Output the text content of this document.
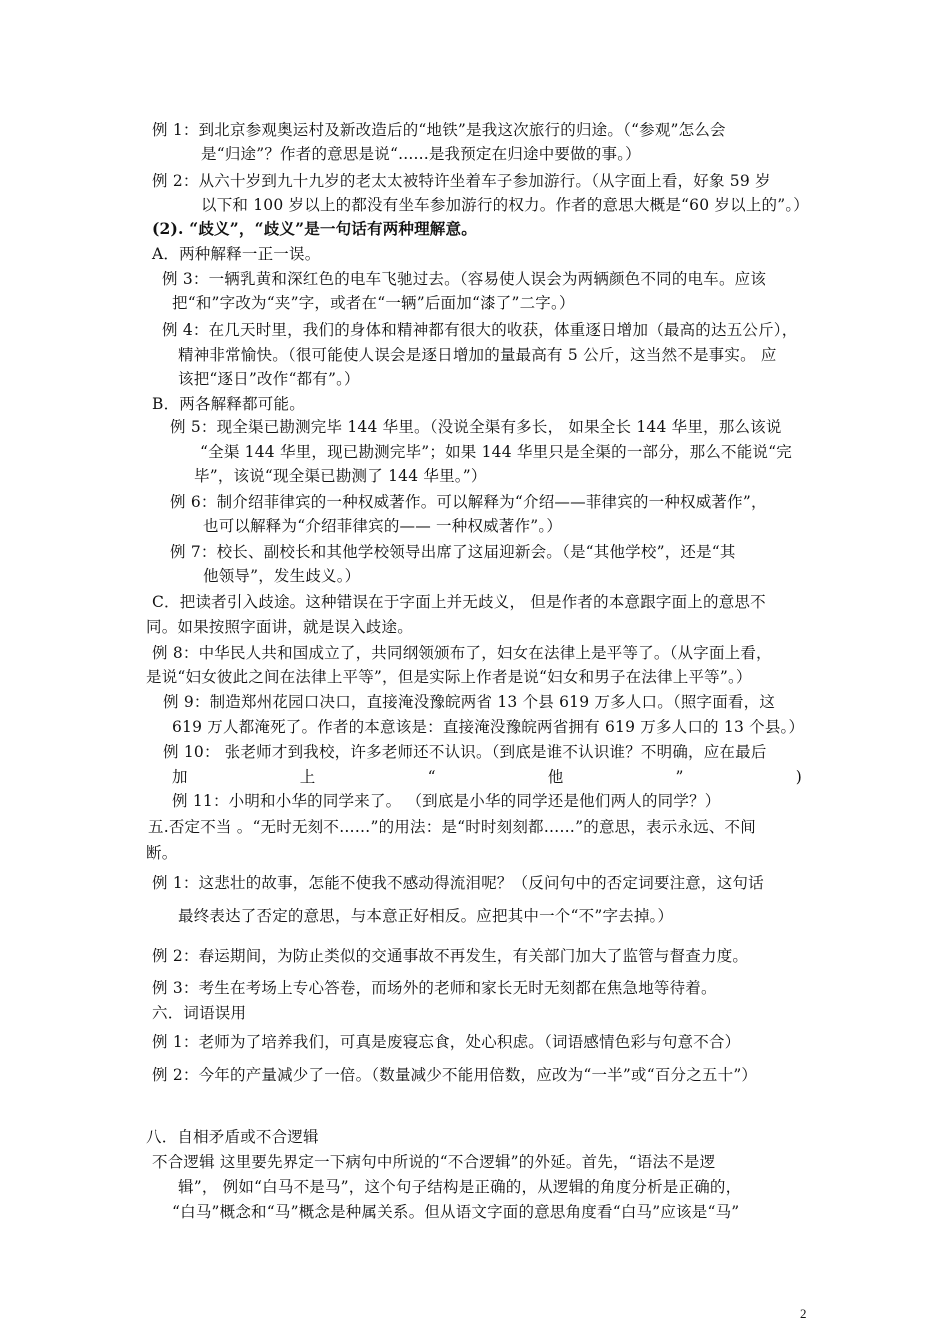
例 1：到北京参观奥运村及新改造后的“地铁”是我这次旅行的归途。（“参观”怎么会
是“归途”？作者的意思是说“......是我预定在归途中要做的事。）
例 2：从六十岁到九十九岁的老太太被特许坐着车子参加游行。（从字面上看，好象 59 岁
以下和 100 岁以上的都没有坐车参加游行的权力。作者的意思大概是“60 岁以上的”。）
(2). “歧义”，“歧义”是一句话有两种理解意。
A．两种解释一正一误。
例 3：一辆乳黄和深红色的电车飞驰过去。（容易使人误会为两辆颜色不同的电车。应该
把“和”字改为“夹”字，或者在“一辆”后面加“漆了”二字。）
例 4：在几天时里，我们的身体和精神都有很大的收获，体重逐日增加（最高的达五公斤），
精神非常愉快。（很可能使人误会是逐日增加的量最高有 5 公斤，这当然不是事实。 应
该把“逐日”改作“都有”。）
B．两各解释都可能。
例 5：现全渠已勘测完毕 144 华里。（没说全渠有多长， 如果全长 144 华里，那么该说
“全渠 144 华里，现已勘测完毕”；如果 144 华里只是全渠的一部分，那么不能说“完
毕”，该说“现全渠已勘测了 144 华里。”）
例 6：制介绍菲律宾的一种权威著作。可以解释为“介绍——菲律宾的一种权威著作”，
也可以解释为“介绍菲律宾的—— 一种权威著作”。）
例 7：校长、副校长和其他学校领导出席了这届迎新会。（是“其他学校”，还是“其
他领导”，发生歧义。）
C．把读者引入歧途。这种错误在于字面上并无歧义， 但是作者的本意跟字面上的意思不
同。如果按照字面讲，就是误入歧途。
例 8：中华民人共和国成立了，共同纲领颁布了，妇女在法律上是平等了。（从字面上看，
是说“妇女彼此之间在法律上平等”，但是实际上作者是说“妇女和男子在法律上平等”。）
例 9：制造郑州花园口决口，直接淹没豫皖两省 13 个县 619 万多人口。（照字面看，这
619 万人都淹死了。作者的本意该是：直接淹没豫皖两省拥有 619 万多人口的 13 个县。）
例 10： 张老师才到我校，许多老师还不认识。（到底是谁不认识谁？不明确，应在最后
加	上	“	他	”	)
例 11：小明和小华的同学来了。 （到底是小华的同学还是他们两人的同学？）
五.否定不当 。“无时无刻不……”的用法：是“时时刻刻都……”的意思，表示永远、不间
断。
例 1：这悲壮的故事，怎能不使我不感动得流泪呢？（反问句中的否定词要注意，这句话
最终表达了否定的意思，与本意正好相反。应把其中一个“不”字去掉。）
例 2：春运期间，为防止类似的交通事故不再发生，有关部门加大了监管与督查力度。
例 3：考生在考场上专心答卷，而场外的老师和家长无时无刻都在焦急地等待着。
六．词语误用
例 1：老师为了培养我们，可真是废寝忘食，处心积虑。（词语感情色彩与句意不合）
例 2：今年的产量减少了一倍。（数量减少不能用倍数，应改为“一半”或“百分之五十”）
八．自相矛盾或不合逻辑
不合逻辑 这里要先界定一下病句中所说的“不合逻辑”的外延。首先，“语法不是逻
辑”， 例如“白马不是马”，这个句子结构是正确的，从逻辑的角度分析是正确的，
“白马”概念和“马”概念是种属关系。但从语文字面的意思角度看“白马”应该是“马”
2
